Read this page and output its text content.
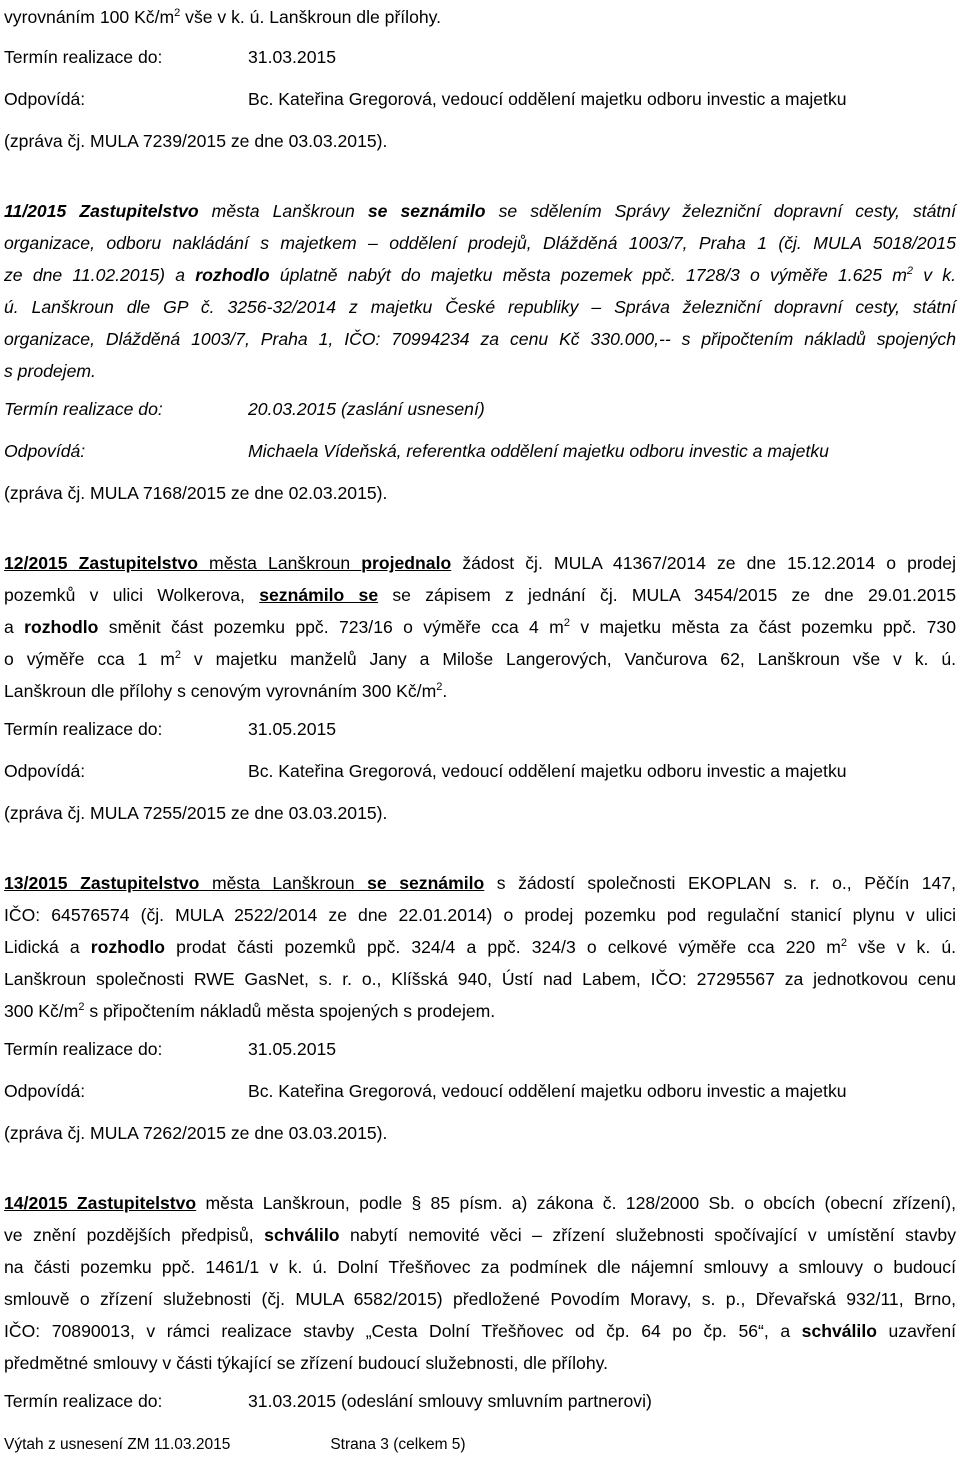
vyrovnáním 100 $Kč/m^2$ vše v k. ú. Lanškroun dle přílohy.
Termín realizace do:	31.03.2015
Odpovídá:	Bc. Kateřina Gregorová, vedoucí oddělení majetku odboru investic a majetku
(zpráva čj. MULA 7239/2015 ze dne 03.03.2015).
11/2015 Zastupitelstvo města Lanškroun se seznámilo se sdělením Správy železniční dopravní cesty, státní
organizace, odboru nakládání s majetkem – oddělení prodejů, Dlážděná 1003/7, Praha 1 (čj. MULA 5018/2015
ze dne 11.02.2015) a rozhodlo úplatně nabýt do majetku města pozemek ppč. 1728/3 o výměře 1.625 $m^2$ v k.
ú. Lanškroun dle GP č. 3256-32/2014 z majetku České republiky – Správa železniční dopravní cesty, státní
organizace, Dlážděná 1003/7, Praha 1, IČO: 70994234 za cenu Kč 330.000,-- s připočtením nákladů spojených
s prodejem.
Termín realizace do:	20.03.2015 (zaslání usnesení)
Odpovídá:	Michaela Vídeňská, referentka oddělení majetku odboru investic a majetku
(zpráva čj. MULA 7168/2015 ze dne 02.03.2015).
12/2015 Zastupitelstvo města Lanškroun projednalo žádost čj. MULA 41367/2014 ze dne 15.12.2014 o prodej
pozemků v ulici Wolkerova, seznámilo se se zápisem z jednání čj. MULA 3454/2015 ze dne 29.01.2015
a rozhodlo směnit část pozemku ppč. 723/16 o výměře cca 4 $m^2$ v majetku města za část pozemku ppč. 730
o výměře cca 1 $m^2$ v majetku manželů Jany a Miloše Langerových, Vančurova 62, Lanškroun vše v k. ú.
Lanškroun dle přílohy s cenovým vyrovnáním 300 $Kč/m^2$.
Termín realizace do:	31.05.2015
Odpovídá:	Bc. Kateřina Gregorová, vedoucí oddělení majetku odboru investic a majetku
(zpráva čj. MULA 7255/2015 ze dne 03.03.2015).
13/2015 Zastupitelstvo města Lanškroun se seznámilo s žádostí společnosti EKOPLAN s. r. o., Pěčín 147,
IČO: 64576574 (čj. MULA 2522/2014 ze dne 22.01.2014) o prodej pozemku pod regulační stanicí plynu v ulici
Lidická a rozhodlo prodat části pozemků ppč. 324/4 a ppč. 324/3 o celkové výměře cca 220 $m^2$ vše v k. ú.
Lanškroun společnosti RWE GasNet, s. r. o., Klíšská 940, Ústí nad Labem, IČO: 27295567 za jednotkovou cenu
300 $Kč/m^2$ s připočtením nákladů města spojených s prodejem.
Termín realizace do:	31.05.2015
Odpovídá:	Bc. Kateřina Gregorová, vedoucí oddělení majetku odboru investic a majetku
(zpráva čj. MULA 7262/2015 ze dne 03.03.2015).
14/2015 Zastupitelstvo města Lanškroun, podle § 85 písm. a) zákona č. 128/2000 Sb. o obcích (obecní zřízení),
ve znění pozdějších předpisů, schválilo nabytí nemovité věci – zřízení služebnosti spočívající v umístění stavby
na části pozemku ppč. 1461/1 v k. ú. Dolní Třešňovec za podmínek dle nájemní smlouvy a smlouvy o budoucí
smlouvě o zřízení služebnosti (čj. MULA 6582/2015) předložené Povodím Moravy, s. p., Dřevařská 932/11, Brno,
IČO: 70890013, v rámci realizace stavby „Cesta Dolní Třešňovec od čp. 64 po čp. 56“, a schválilo uzavření
předmětné smlouvy v části týkající se zřízení budoucí služebnosti, dle přílohy.
Termín realizace do:	31.03.2015 (odeslání smlouvy smluvním partnerovi)
Výtah z usnesení ZM 11.03.2015	Strana 3 (celkem 5)
